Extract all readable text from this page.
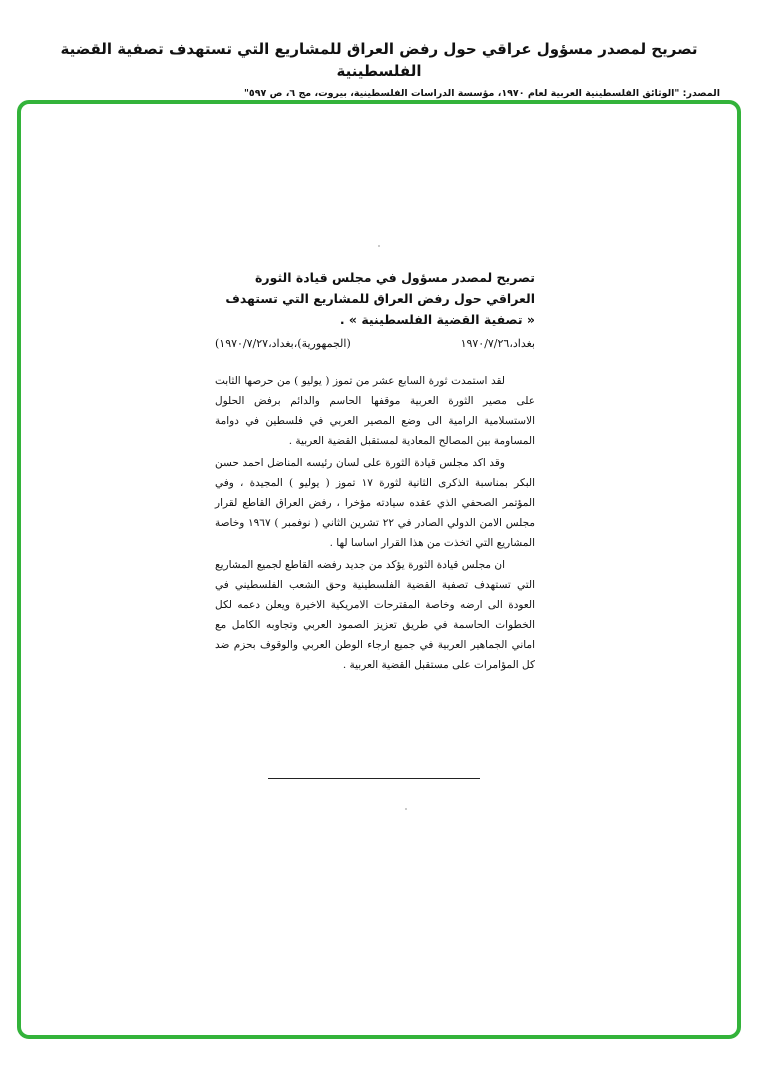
تصريح لمصدر مسؤول عراقي حول رفض العراق للمشاريع التي تستهدف تصفية القضية الفلسطينية

المصدر: "الوثائق الفلسطينية العربية لعام ١٩٧٠، مؤسسة الدراسات الفلسطينية، بيروت، مج ٦، ص ٥٩٧"

تصريح لمصدر مسؤول في مجلس قيادة الثورة العراقي حول رفض العراق للمشاريع التي تستهدف « تصفية القضية الفلسطينية » .

بغداد،١٩٧٠/٧/٢٦
(الجمهورية)،بغداد،١٩٧٠/٧/٢٧)

لقد استمدت ثورة السابع عشر من تموز ( يوليو ) من حرصها الثابت على مصير الثورة العربية موقفها الحاسم والدائم برفض الحلول الاستسلامية الرامية الى وضع المصير العربي في فلسطين في دوامة المساومة بين المصالح المعادية لمستقبل القضية العربية .

وقد اكد مجلس قيادة الثورة على لسان رئيسه المناضل احمد حسن البكر بمناسبة الذكرى الثانية لثورة ١٧ تموز ( يوليو ) المجيدة ، وفي المؤتمر الصحفي الذي عقده سيادته مؤخرا ، رفض العراق القاطع لقرار مجلس الامن الدولي الصادر في ٢٢ تشرين الثاني ( نوفمبر ) ١٩٦٧ وخاصة المشاريع التي اتخذت من هذا القرار اساسا لها .

ان مجلس قيادة الثورة يؤكد من جديد رفضه القاطع لجميع المشاريع التي تستهدف تصفية القضية الفلسطينية وحق الشعب الفلسطيني في العودة الى ارضه وخاصة المقترحات الامريكية الاخيرة ويعلن دعمه لكل الخطوات الحاسمة في طريق تعزيز الصمود العربي وتجاوبه الكامل مع اماني الجماهير العربية في جميع ارجاء الوطن العربي والوقوف بحزم ضد كل المؤامرات على مستقبل القضية العربية .
